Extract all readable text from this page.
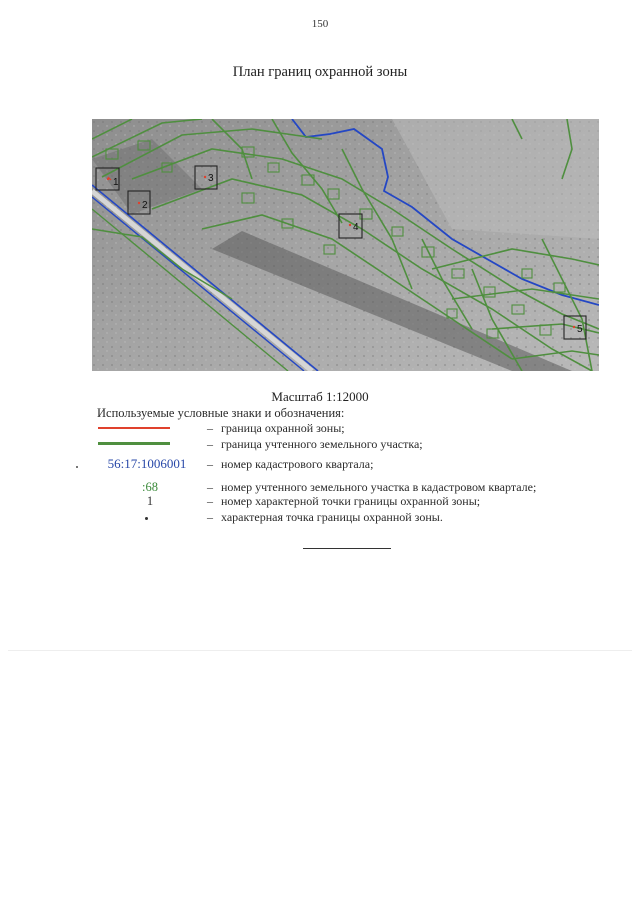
150
План границ охранной зоны
1
2
3
4
5
Масштаб 1:12000
Используемые условные знаки и обозначения:
– граница охранной зоны;
– граница учтенного земельного участка;
56:17:1006001	– номер кадастрового квартала;
:68	– номер учтенного земельного участка в кадастровом квартале;
1	– номер характерной точки границы охранной зоны;
– характерная точка границы охранной зоны.
